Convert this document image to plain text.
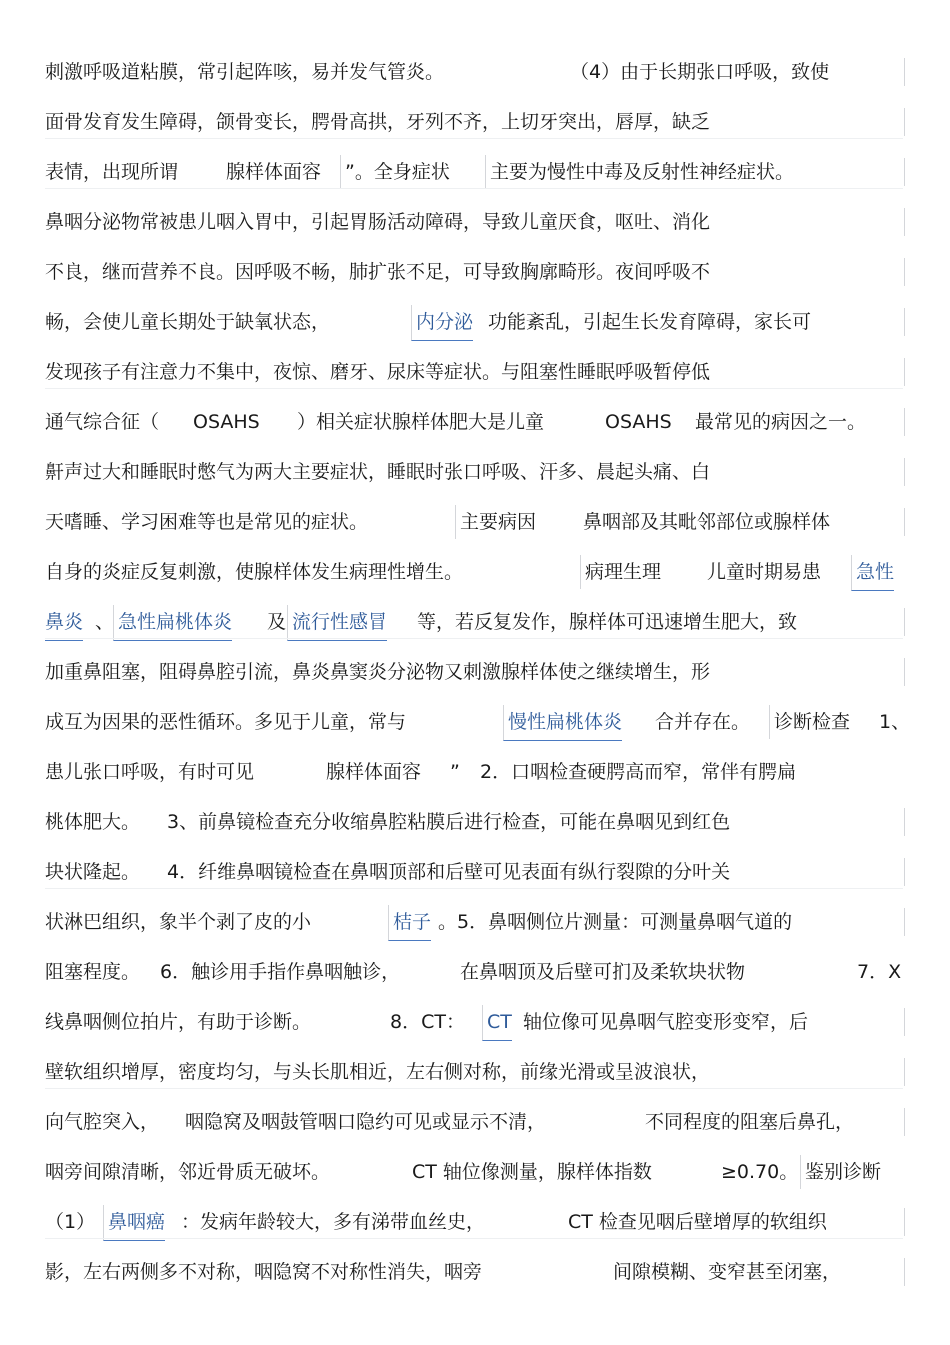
刺激呼吸道粘膜，常引起阵咳，易并发气管炎。	（4）由于长期张口呼吸，致使
面骨发育发生障碍，颌骨变长，腭骨高拱，牙列不齐，上切牙突出，唇厚，缺乏
表情，出现所谓	腺样体面容 ”。全身症状 主要为慢性中毒及反射性神经症状。
鼻咽分泌物常被患儿咽入胃中，引起胃肠活动障碍，导致儿童厌食，呕吐、消化
不良，继而营养不良。因呼吸不畅，肺扩张不足，可导致胸廓畸形。夜间呼吸不
畅，会使儿童长期处于缺氧状态，	内分泌 功能紊乱，引起生长发育障碍，家长可
发现孩子有注意力不集中，夜惊、磨牙、尿床等症状。与阻塞性睡眠呼吸暂停低
通气综合征（ OSAHS ）相关症状腺样体肥大是儿童	OSAHS 最常见的病因之一。
鼾声过大和睡眠时憋气为两大主要症状，睡眠时张口呼吸、汗多、晨起头痛、白
天嗜睡、学习困难等也是常见的症状。	主要病因 鼻咽部及其毗邻部位或腺样体
自身的炎症反复刺激，使腺样体发生病理性增生。	病理生理 儿童时期易患 急性
鼻炎 、 急性扁桃体炎 及 流行性感冒 等，若反复发作，腺样体可迅速增生肥大，致
加重鼻阻塞，阻碍鼻腔引流，鼻炎鼻窦炎分泌物又刺激腺样体使之继续增生，形
成互为因果的恶性循环。多见于儿童，常与	慢性扁桃体炎 合并存在。 诊断检查 1、
患儿张口呼吸，有时可见	腺样体面容 ” 2．口咽检查硬腭高而窄，常伴有腭扁
桃体肥大。 3、前鼻镜检查充分收缩鼻腔粘膜后进行检查，可能在鼻咽见到红色
块状隆起。 4．纤维鼻咽镜检查在鼻咽顶部和后壁可见表面有纵行裂隙的分叶关
状淋巴组织，象半个剥了皮的小	桔子 。5．鼻咽侧位片测量：可测量鼻咽气道的
阻塞程度。 6．触诊用手指作鼻咽触诊，	在鼻咽顶及后壁可扪及柔软块状物	7．X
线鼻咽侧位拍片，有助于诊断。	8．CT： CT 轴位像可见鼻咽气腔变形变窄，后
壁软组织增厚，密度均匀，与头长肌相近，左右侧对称，前缘光滑或呈波浪状，
向气腔突入， 咽隐窝及咽鼓管咽口隐约可见或显示不清，	不同程度的阻塞后鼻孔，
咽旁间隙清晰，邻近骨质无破坏。	CT 轴位像测量，腺样体指数	≥0.70。 鉴别诊断
（1） 鼻咽癌 ：发病年龄较大，多有涕带血丝史，	CT 检查见咽后壁增厚的软组织
影，左右两侧多不对称，咽隐窝不对称性消失，咽旁	间隙模糊、变窄甚至闭塞，
